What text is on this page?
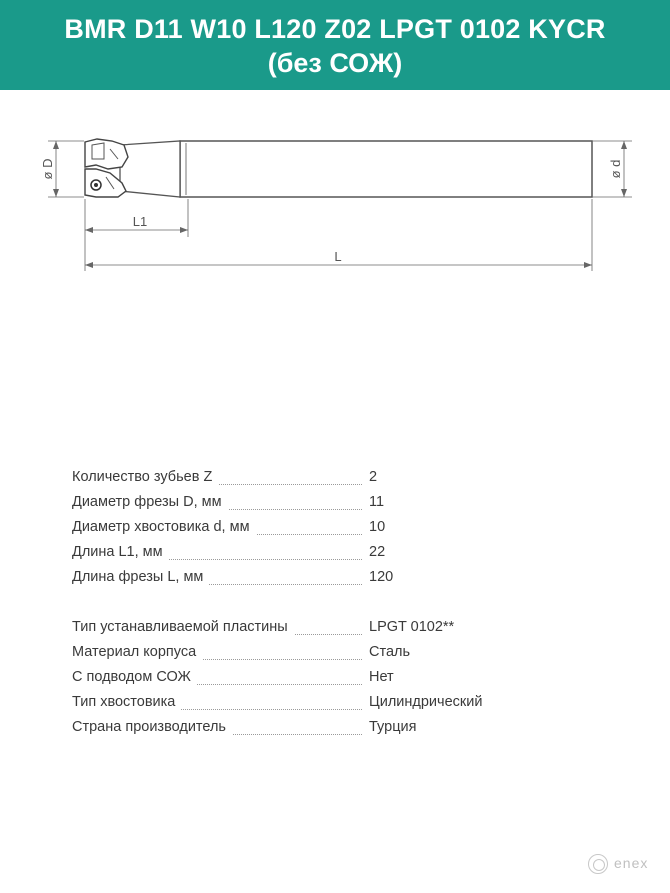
BMR D11 W10 L120 Z02 LPGT 0102 KYCR
(без СОЖ)
ø D	ø d
L1
L
Количество зубьев Z	2
Диаметр фрезы D, мм	11
Диаметр хвостовика d, мм	10
Длина L1, мм	22
Длина фрезы L, мм	120
Тип устанавливаемой пластины	LPGT 0102**
Материал корпуса	Сталь
С подводом СОЖ	Нет
Тип хвостовика	Цилиндрический
Страна производитель	Турция
enex
